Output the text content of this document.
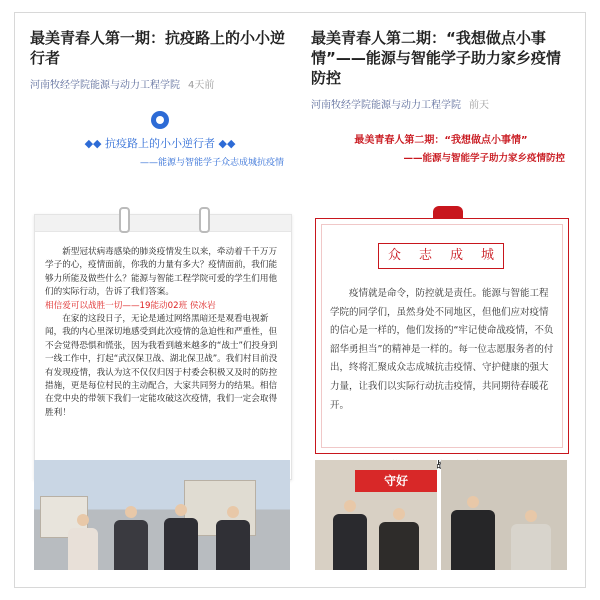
最美青春人第一期：抗疫路上的小小逆行者
河南牧经学院能源与动力工程学院 4天前
◆◆ 抗疫路上的小小逆行者 ◆◆
——能源与智能学子众志成城抗疫情

新型冠状病毒感染的肺炎疫情发生以来，牵动着千千万万学子的心，疫情面前，你我的力量有多大？疫情面前，我们能够力所能及做些什么？能源与智能工程学院可爱的学生们用他们的实际行动，告诉了我们答案。

相信爱可以战胜一切——19能动02班 侯冰岩

在家的这段日子，无论是通过网络黑暗还是观看电视新闻，我的内心里深切地感受到此次疫情的急迫性和严重性，但不会觉得恐惧和慌张，因为我看到越来越多的“战士”们投身到一线工作中，打起“武汉保卫战、湖北保卫战”。我们村目前没有发现疫情，我认为这不仅仅归因于村委会积极又及时的防控措施，更是每位村民的主动配合，大家共同努力的结果。相信在党中央的带领下我们一定能攻破这次疫情，我们一定会取得胜利！

最美青春人第二期：“我想做点小事情”——能源与智能学子助力家乡疫情防控
河南牧经学院能源与动力工程学院 前天
最美青春人第二期：“我想做点小事情”
——能源与智能学子助力家乡疫情防控
众	志	成	城

疫情就是命令，防控就是责任。能源与智能工程学院的同学们，虽然身处不同地区，但他们应对疫情的信心是一样的，他们发扬的“牢记使命战疫情，不负韶华勇担当”的精神是一样的。每一位志愿服务者的付出，终将汇聚成众志成城抗击疫情、守护健康的强大力量，让我们以实际行动抗击疫情，共同期待春暖花开。

守好
